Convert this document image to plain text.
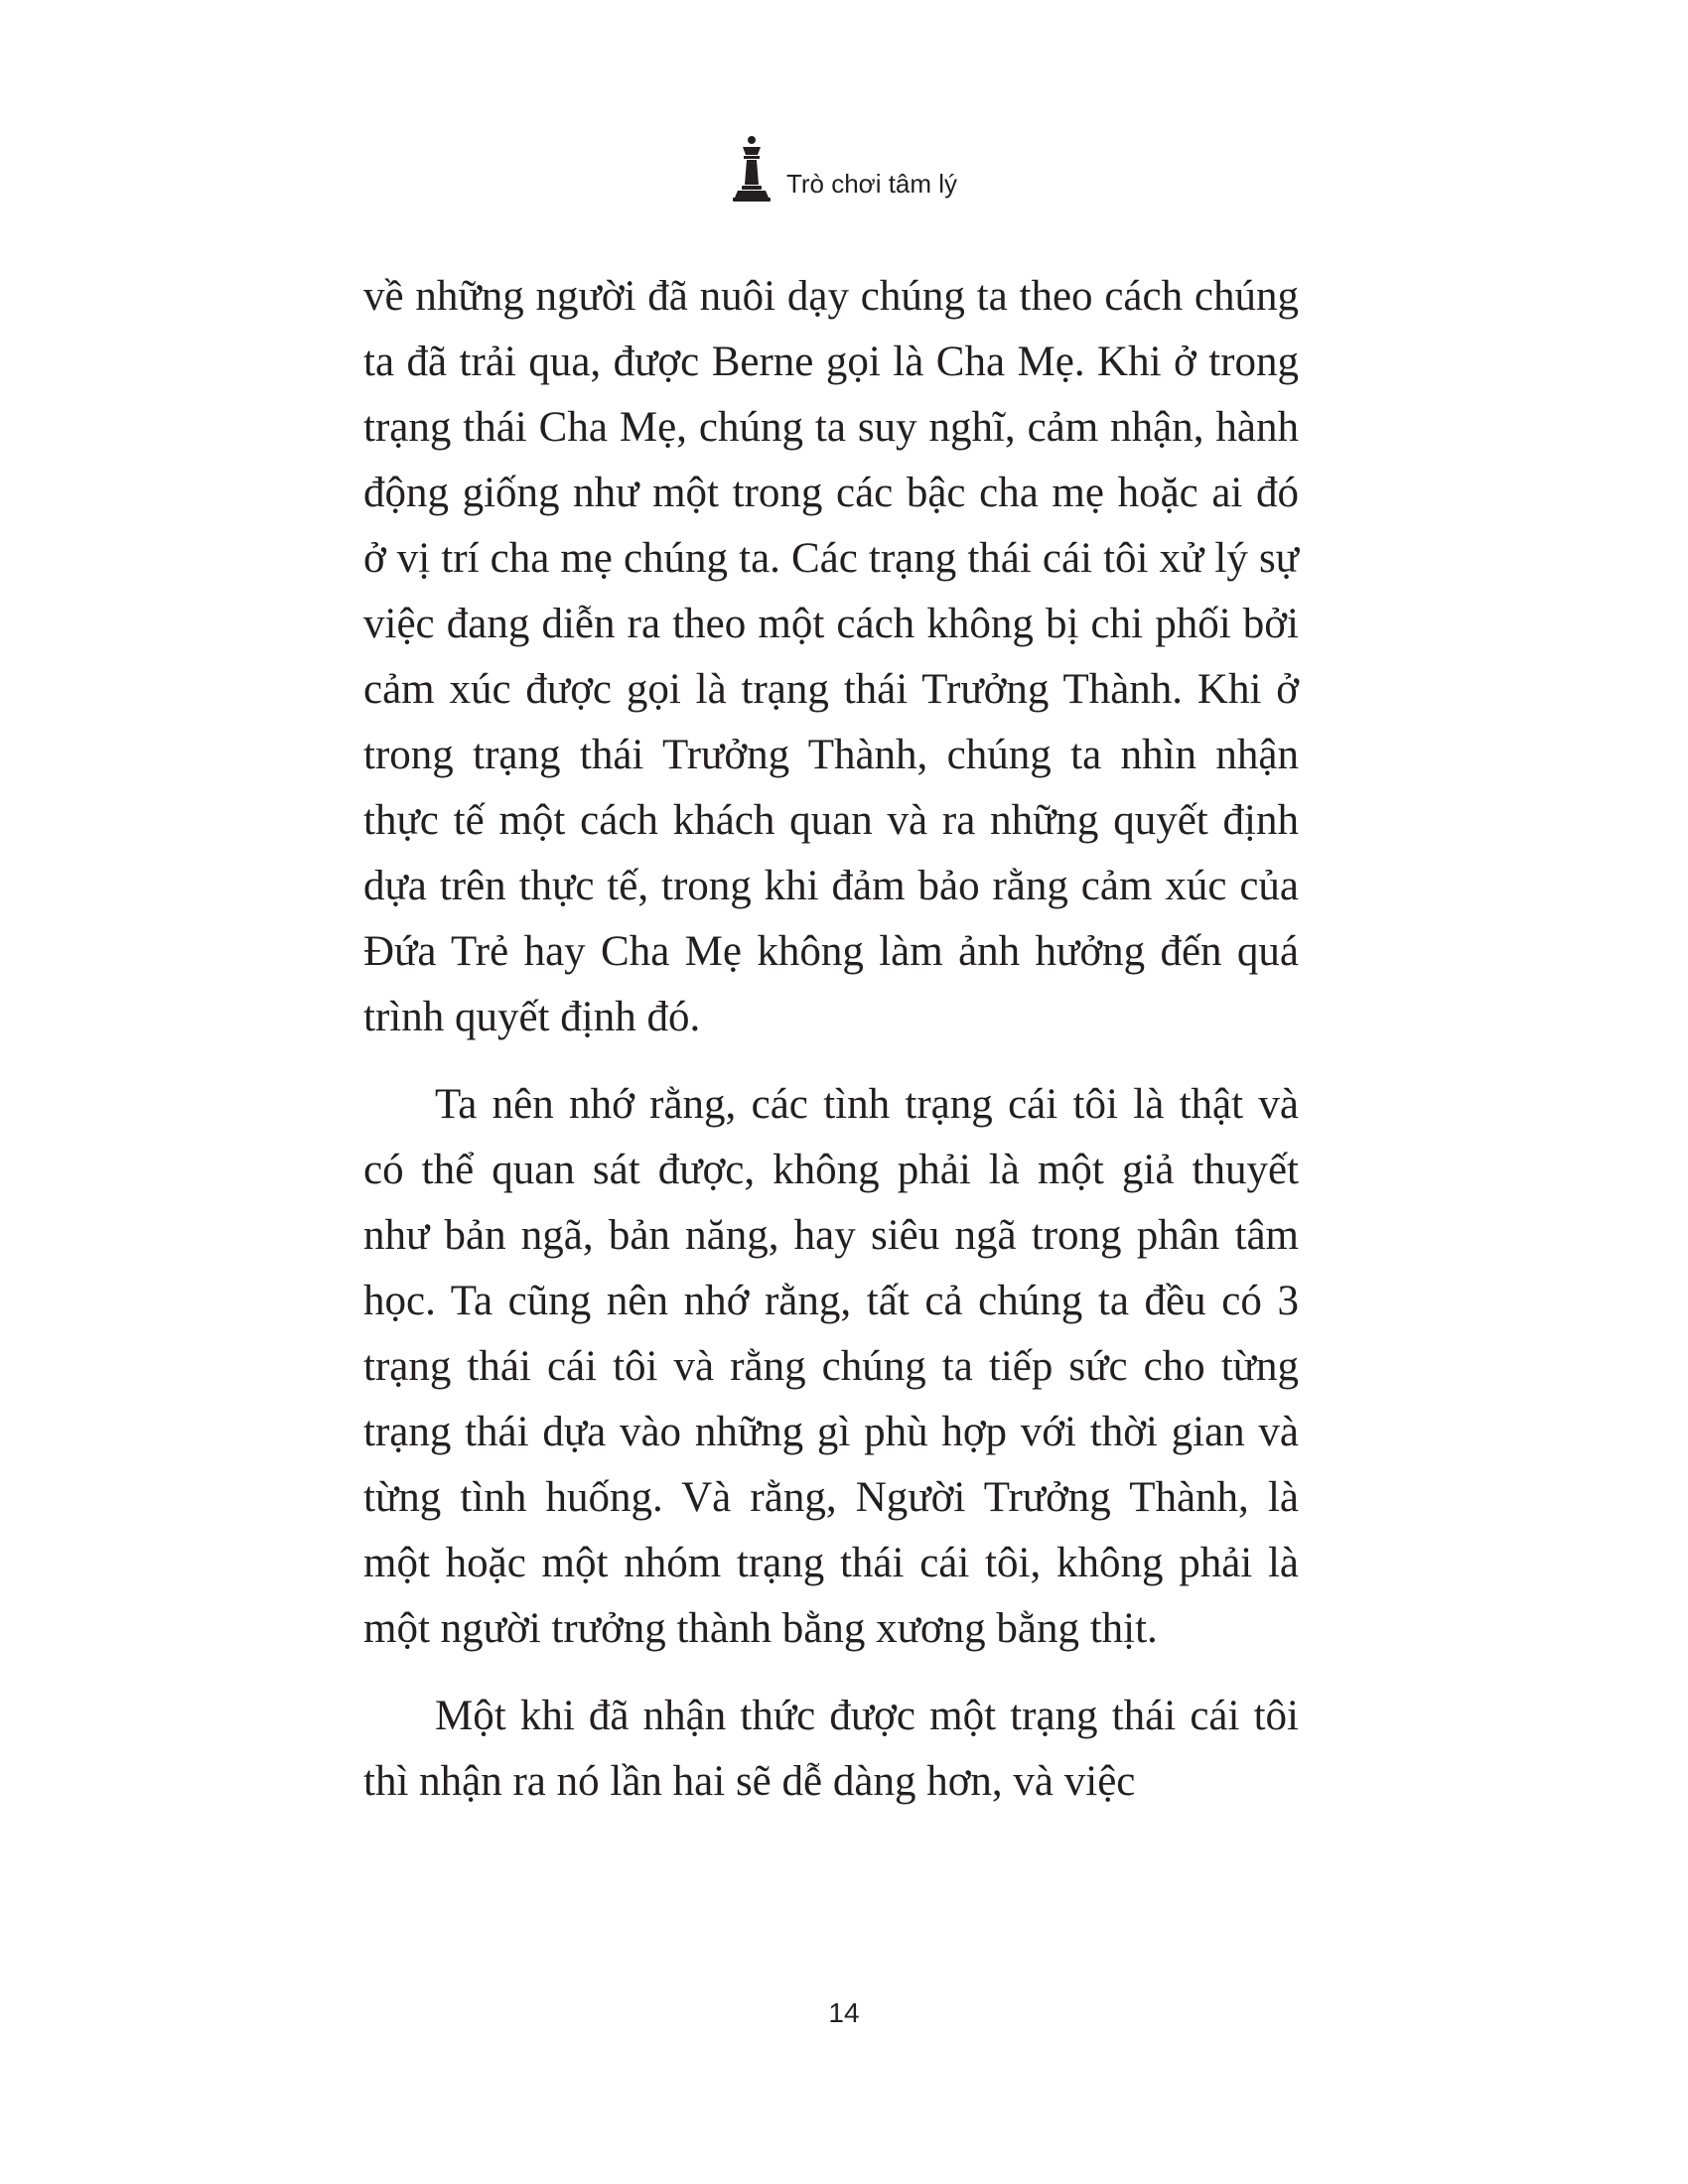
Trò chơi tâm lý

về những người đã nuôi dạy chúng ta theo cách chúng ta đã trải qua, được Berne gọi là Cha Mẹ. Khi ở trong trạng thái Cha Mẹ, chúng ta suy nghĩ, cảm nhận, hành động giống như một trong các bậc cha mẹ hoặc ai đó ở vị trí cha mẹ chúng ta. Các trạng thái cái tôi xử lý sự việc đang diễn ra theo một cách không bị chi phối bởi cảm xúc được gọi là trạng thái Trưởng Thành. Khi ở trong trạng thái Trưởng Thành, chúng ta nhìn nhận thực tế một cách khách quan và ra những quyết định dựa trên thực tế, trong khi đảm bảo rằng cảm xúc của Đứa Trẻ hay Cha Mẹ không làm ảnh hưởng đến quá trình quyết định đó.

Ta nên nhớ rằng, các tình trạng cái tôi là thật và có thể quan sát được, không phải là một giả thuyết như bản ngã, bản năng, hay siêu ngã trong phân tâm học. Ta cũng nên nhớ rằng, tất cả chúng ta đều có 3 trạng thái cái tôi và rằng chúng ta tiếp sức cho từng trạng thái dựa vào những gì phù hợp với thời gian và từng tình huống. Và rằng, Người Trưởng Thành, là một hoặc một nhóm trạng thái cái tôi, không phải là một người trưởng thành bằng xương bằng thịt.

Một khi đã nhận thức được một trạng thái cái tôi thì nhận ra nó lần hai sẽ dễ dàng hơn, và việc

14
